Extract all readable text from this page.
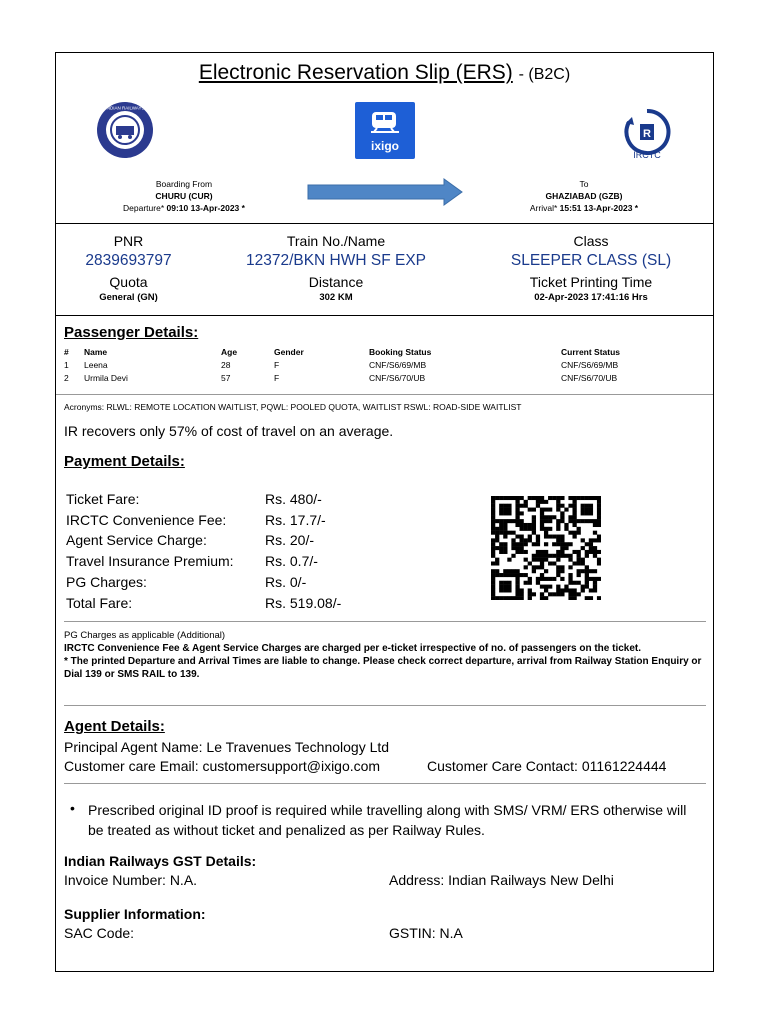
Electronic Reservation Slip (ERS) - (B2C)
INDIAN RAILWAYS
ixigo
R
IRCTC
Boarding From
CHURU (CUR)
Departure* 09:10 13-Apr-2023 *
To
GHAZIABAD (GZB)
Arrival* 15:51 13-Apr-2023 *
PNR
2839693797
Train No./Name
12372/BKN HWH SF EXP
Class
SLEEPER CLASS (SL)
Quota
General (GN)
Distance
302 KM
Ticket Printing Time
02-Apr-2023 17:41:16 Hrs
Passenger Details:
#	Name	Age	Gender	Booking Status	Current Status
1	Leena	28	F	CNF/S6/69/MB	CNF/S6/69/MB
2	Urmila Devi	57	F	CNF/S6/70/UB	CNF/S6/70/UB
Acronyms: RLWL: REMOTE LOCATION WAITLIST, PQWL: POOLED QUOTA, WAITLIST RSWL: ROAD-SIDE WAITLIST
IR recovers only 57% of cost of travel on an average.
Payment Details:
Ticket Fare:	Rs. 480/-
IRCTC Convenience Fee:	Rs. 17.7/-
Agent Service Charge:	Rs. 20/-
Travel Insurance Premium:	Rs. 0.7/-
PG Charges:	Rs. 0/-
Total Fare:	Rs. 519.08/-
PG Charges as applicable (Additional)
IRCTC Convenience Fee & Agent Service Charges are charged per e-ticket irrespective of no. of passengers on the ticket.
* The printed Departure and Arrival Times are liable to change. Please check correct departure, arrival from Railway Station Enquiry or Dial 139 or SMS RAIL to 139.
Agent Details:
Principal Agent Name: Le Travenues Technology Ltd
Customer care Email: customersupport@ixigo.com	Customer Care Contact: 01161224444
• Prescribed original ID proof is required while travelling along with SMS/ VRM/ ERS otherwise will be treated as without ticket and penalized as per Railway Rules.
Indian Railways GST Details:
Invoice Number: N.A.	Address: Indian Railways New Delhi
Supplier Information:
SAC Code:	GSTIN: N.A
